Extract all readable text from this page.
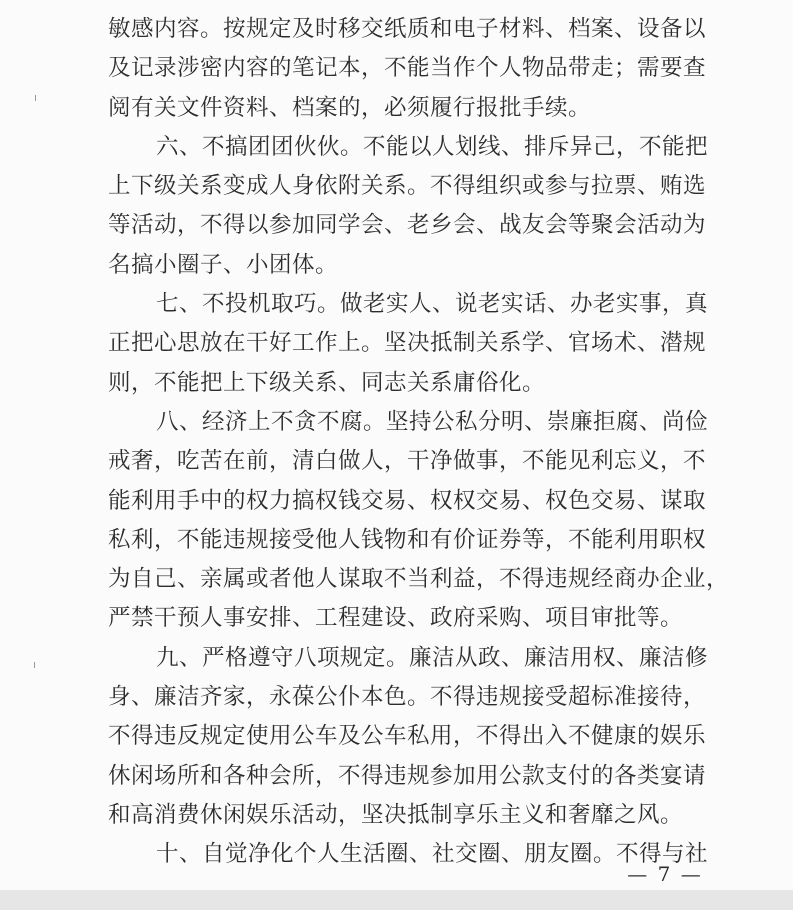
敏感内容。按规定及时移交纸质和电子材料、档案、设备以
及记录涉密内容的笔记本，不能当作个人物品带走；需要查
阅有关文件资料、档案的，必须履行报批手续。
六、不搞团团伙伙。不能以人划线、排斥异己，不能把
上下级关系变成人身依附关系。不得组织或参与拉票、贿选
等活动，不得以参加同学会、老乡会、战友会等聚会活动为
名搞小圈子、小团体。
七、不投机取巧。做老实人、说老实话、办老实事，真
正把心思放在干好工作上。坚决抵制关系学、官场术、潜规
则，不能把上下级关系、同志关系庸俗化。
八、经济上不贪不腐。坚持公私分明、崇廉拒腐、尚俭
戒奢，吃苦在前，清白做人，干净做事，不能见利忘义，不
能利用手中的权力搞权钱交易、权权交易、权色交易、谋取
私利，不能违规接受他人钱物和有价证券等，不能利用职权
为自己、亲属或者他人谋取不当利益，不得违规经商办企业，
严禁干预人事安排、工程建设、政府采购、项目审批等。
九、严格遵守八项规定。廉洁从政、廉洁用权、廉洁修
身、廉洁齐家，永葆公仆本色。不得违规接受超标准接待，
不得违反规定使用公车及公车私用，不得出入不健康的娱乐
休闲场所和各种会所，不得违规参加用公款支付的各类宴请
和高消费休闲娱乐活动，坚决抵制享乐主义和奢靡之风。
十、自觉净化个人生活圈、社交圈、朋友圈。不得与社
— 7 —
